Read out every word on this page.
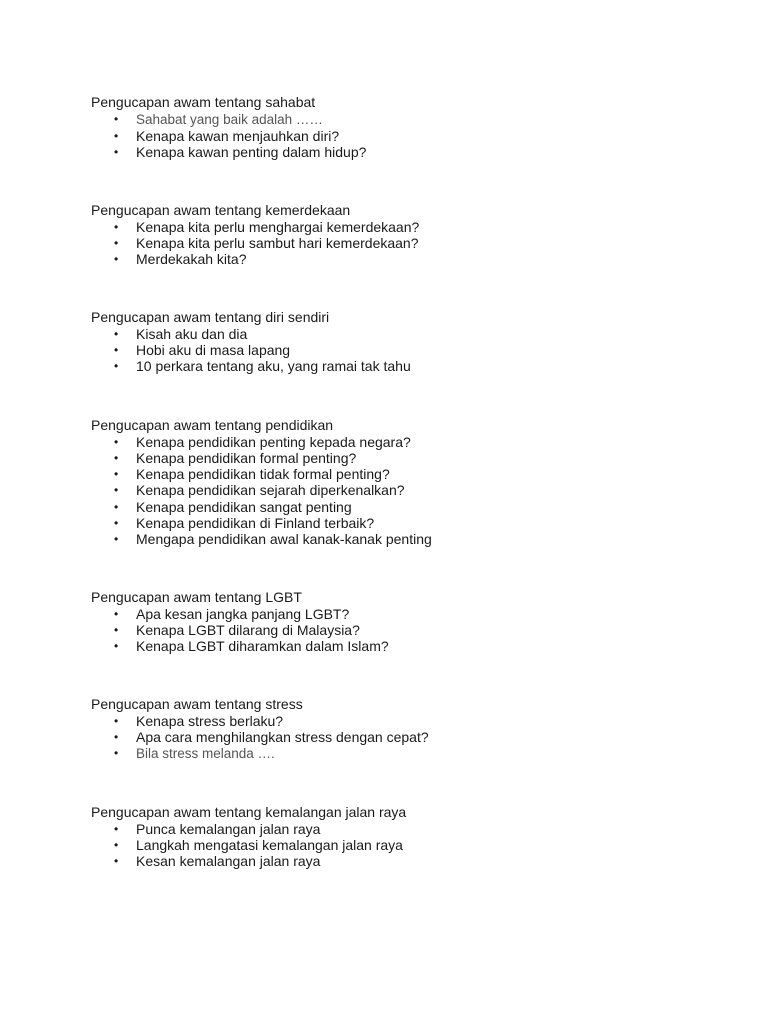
Pengucapan awam tentang sahabat

• Sahabat yang baik adalah ……
• Kenapa kawan menjauhkan diri?
• Kenapa kawan penting dalam hidup?

Pengucapan awam tentang kemerdekaan

• Kenapa kita perlu menghargai kemerdekaan?
• Kenapa kita perlu sambut hari kemerdekaan?
• Merdekakah kita?

Pengucapan awam tentang diri sendiri

• Kisah aku dan dia
• Hobi aku di masa lapang
• 10 perkara tentang aku, yang ramai tak tahu

Pengucapan awam tentang pendidikan

• Kenapa pendidikan penting kepada negara?
• Kenapa pendidikan formal penting?
• Kenapa pendidikan tidak formal penting?
• Kenapa pendidikan sejarah diperkenalkan?
• Kenapa pendidikan sangat penting
• Kenapa pendidikan di Finland terbaik?
• Mengapa pendidikan awal kanak-kanak penting

Pengucapan awam tentang LGBT

• Apa kesan jangka panjang LGBT?
• Kenapa LGBT dilarang di Malaysia?
• Kenapa LGBT diharamkan dalam Islam?

Pengucapan awam tentang stress

• Kenapa stress berlaku?
• Apa cara menghilangkan stress dengan cepat?
• Bila stress melanda ….

Pengucapan awam tentang kemalangan jalan raya

• Punca kemalangan jalan raya
• Langkah mengatasi kemalangan jalan raya
• Kesan kemalangan jalan raya
